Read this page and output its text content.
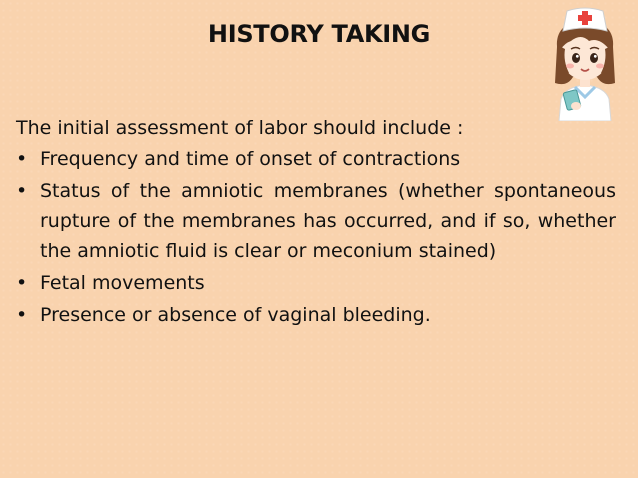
HISTORY TAKING

The initial assessment of labor should include :

• Frequency and time of onset of contractions
• Status of the amniotic membranes (whether spontaneous rupture of the membranes has occurred, and if so, whether the amniotic fluid is clear or meconium stained)
• Fetal movements
• Presence or absence of vaginal bleeding.
